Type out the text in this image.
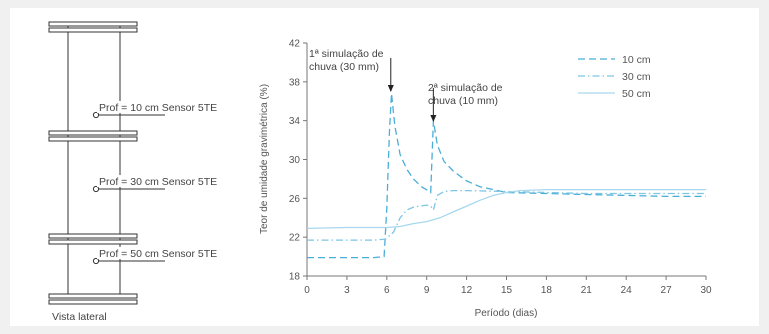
Prof = 10 cm Sensor 5TE
Prof = 30 cm Sensor 5TE
Prof = 50 cm Sensor 5TE
Vista lateral
18
22
26
30
34
38
42
0	3	6	9	12	15	18	21	24	27	30
1ª simulação de
chuva (30 mm)
2ª simulação de
chuva (10 mm)
10 cm
30 cm
50 cm
Teor de umidade gravimétrica (%)
Período (dias)
